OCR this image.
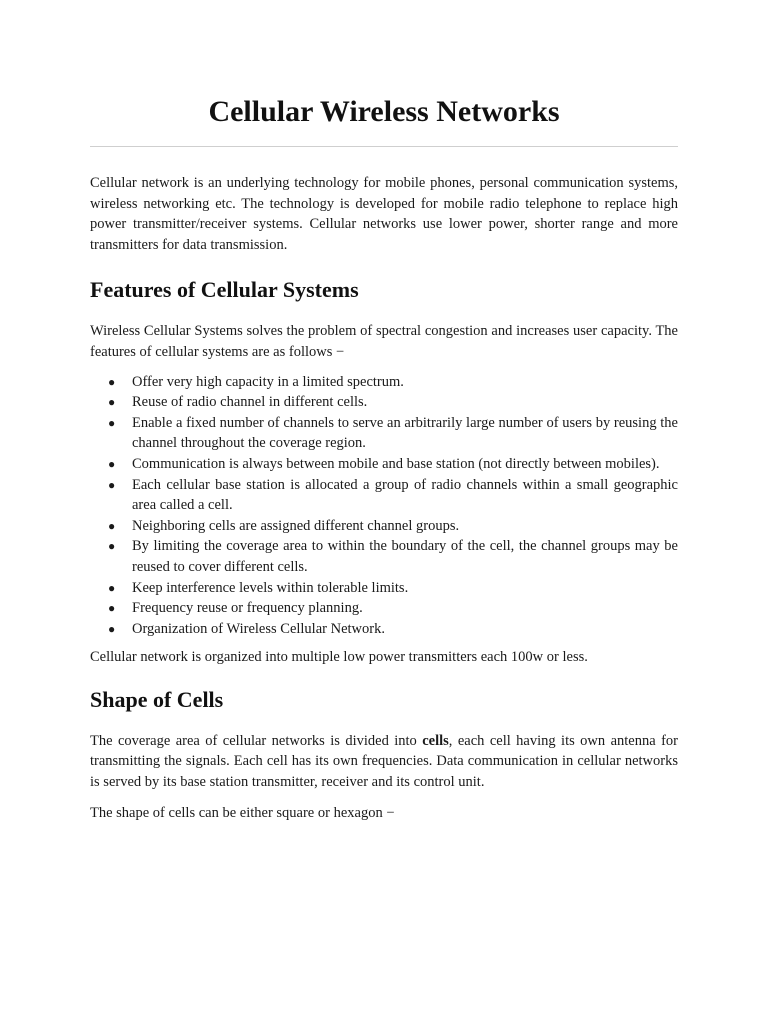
Cellular Wireless Networks

Cellular network is an underlying technology for mobile phones, personal communication systems, wireless networking etc. The technology is developed for mobile radio telephone to replace high power transmitter/receiver systems. Cellular networks use lower power, shorter range and more transmitters for data transmission.

Features of Cellular Systems

Wireless Cellular Systems solves the problem of spectral congestion and increases user capacity. The features of cellular systems are as follows −

● Offer very high capacity in a limited spectrum.
● Reuse of radio channel in different cells.
● Enable a fixed number of channels to serve an arbitrarily large number of users by reusing the channel throughout the coverage region.
● Communication is always between mobile and base station (not directly between mobiles).
● Each cellular base station is allocated a group of radio channels within a small geographic area called a cell.
● Neighboring cells are assigned different channel groups.
● By limiting the coverage area to within the boundary of the cell, the channel groups may be reused to cover different cells.
● Keep interference levels within tolerable limits.
● Frequency reuse or frequency planning.
● Organization of Wireless Cellular Network.

Cellular network is organized into multiple low power transmitters each 100w or less.

Shape of Cells

The coverage area of cellular networks is divided into cells, each cell having its own antenna for transmitting the signals. Each cell has its own frequencies. Data communication in cellular networks is served by its base station transmitter, receiver and its control unit.

The shape of cells can be either square or hexagon −
